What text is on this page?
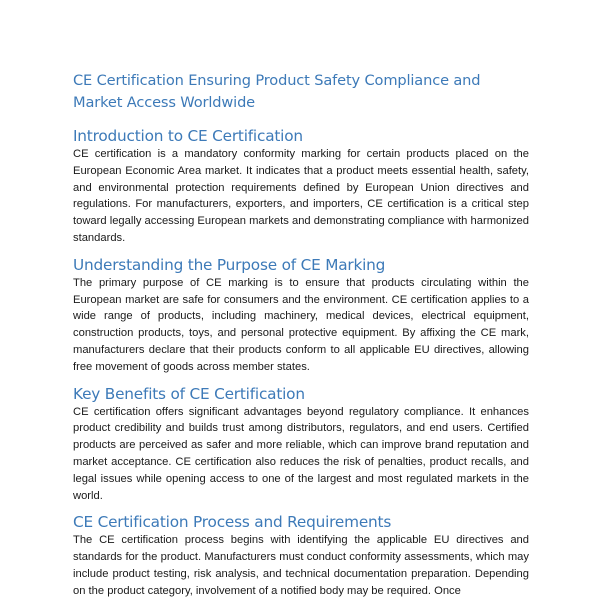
CE Certification Ensuring Product Safety Compliance and Market Access Worldwide
Introduction to CE Certification

CE certification is a mandatory conformity marking for certain products placed on the European Economic Area market. It indicates that a product meets essential health, safety, and environmental protection requirements defined by European Union directives and regulations. For manufacturers, exporters, and importers, CE certification is a critical step toward legally accessing European markets and demonstrating compliance with harmonized standards.

Understanding the Purpose of CE Marking

The primary purpose of CE marking is to ensure that products circulating within the European market are safe for consumers and the environment. CE certification applies to a wide range of products, including machinery, medical devices, electrical equipment, construction products, toys, and personal protective equipment. By affixing the CE mark, manufacturers declare that their products conform to all applicable EU directives, allowing free movement of goods across member states.

Key Benefits of CE Certification

CE certification offers significant advantages beyond regulatory compliance. It enhances product credibility and builds trust among distributors, regulators, and end users. Certified products are perceived as safer and more reliable, which can improve brand reputation and market acceptance. CE certification also reduces the risk of penalties, product recalls, and legal issues while opening access to one of the largest and most regulated markets in the world.

CE Certification Process and Requirements

The CE certification process begins with identifying the applicable EU directives and standards for the product. Manufacturers must conduct conformity assessments, which may include product testing, risk analysis, and technical documentation preparation. Depending on the product category, involvement of a notified body may be required. Once
